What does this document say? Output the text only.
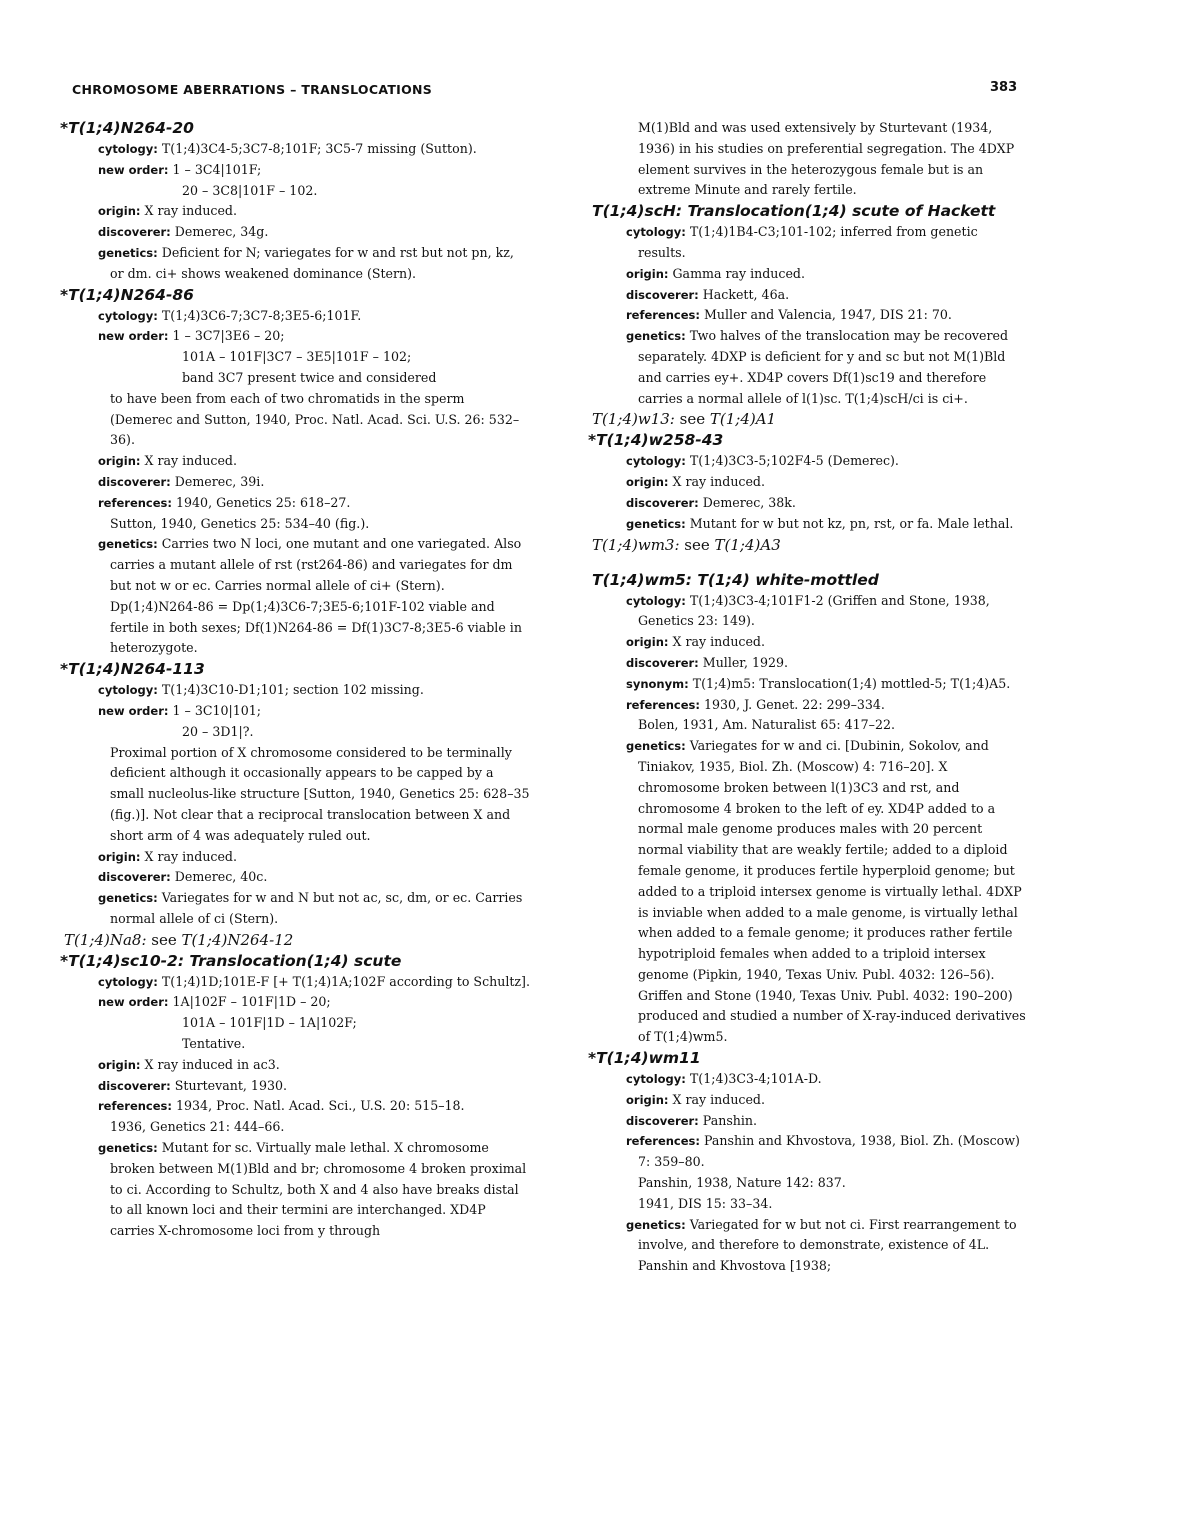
CHROMOSOME ABERRATIONS – TRANSLOCATIONS	383

*T(1;4)N264-20

cytology: T(1;4)3C4-5;3C7-8;101F; 3C5-7 missing (Sutton).

new order: 1 – 3C4|101F;

20 – 3C8|101F – 102.

origin: X ray induced.

discoverer: Demerec, 34g.

genetics: Deficient for N; variegates for w and rst but not pn, kz, or dm. ci+ shows weakened dominance (Stern).

*T(1;4)N264-86

cytology: T(1;4)3C6-7;3C7-8;3E5-6;101F.

new order: 1 – 3C7|3E6 – 20;

101A – 101F|3C7 – 3E5|101F – 102;

band 3C7 present twice and considered

to have been from each of two chromatids in the sperm (Demerec and Sutton, 1940, Proc. Natl. Acad. Sci. U.S. 26: 532–36).

origin: X ray induced.

discoverer: Demerec, 39i.

references: 1940, Genetics 25: 618–27.

Sutton, 1940, Genetics 25: 534–40 (fig.).

genetics: Carries two N loci, one mutant and one variegated. Also carries a mutant allele of rst (rst264-86) and variegates for dm but not w or ec. Carries normal allele of ci+ (Stern). Dp(1;4)N264-86 = Dp(1;4)3C6-7;3E5-6;101F-102 viable and fertile in both sexes; Df(1)N264-86 = Df(1)3C7-8;3E5-6 viable in heterozygote.

*T(1;4)N264-113

cytology: T(1;4)3C10-D1;101; section 102 missing.

new order: 1 – 3C10|101;

20 – 3D1|?.

Proximal portion of X chromosome considered to be terminally deficient although it occasionally appears to be capped by a small nucleolus-like structure [Sutton, 1940, Genetics 25: 628–35 (fig.)]. Not clear that a reciprocal translocation between X and short arm of 4 was adequately ruled out.

origin: X ray induced.

discoverer: Demerec, 40c.

genetics: Variegates for w and N but not ac, sc, dm, or ec. Carries normal allele of ci (Stern).

T(1;4)Na8: see T(1;4)N264-12

*T(1;4)sc10-2: Translocation(1;4) scute

cytology: T(1;4)1D;101E-F [+ T(1;4)1A;102F according to Schultz].

new order: 1A|102F – 101F|1D – 20;

101A – 101F|1D – 1A|102F;

Tentative.

origin: X ray induced in ac3.

discoverer: Sturtevant, 1930.

references: 1934, Proc. Natl. Acad. Sci., U.S. 20: 515–18.

1936, Genetics 21: 444–66.

genetics: Mutant for sc. Virtually male lethal. X chromosome broken between M(1)Bld and br; chromosome 4 broken proximal to ci. According to Schultz, both X and 4 also have breaks distal to all known loci and their termini are interchanged. XD4P carries X-chromosome loci from y through

M(1)Bld and was used extensively by Sturtevant (1934, 1936) in his studies on preferential segregation. The 4DXP element survives in the heterozygous female but is an extreme Minute and rarely fertile.

T(1;4)scH: Translocation(1;4) scute of Hackett

cytology: T(1;4)1B4-C3;101-102; inferred from genetic results.

origin: Gamma ray induced.

discoverer: Hackett, 46a.

references: Muller and Valencia, 1947, DIS 21: 70.

genetics: Two halves of the translocation may be recovered separately. 4DXP is deficient for y and sc but not M(1)Bld and carries ey+. XD4P covers Df(1)sc19 and therefore carries a normal allele of l(1)sc. T(1;4)scH/ci is ci+.

T(1;4)w13: see T(1;4)A1

*T(1;4)w258-43

cytology: T(1;4)3C3-5;102F4-5 (Demerec).

origin: X ray induced.

discoverer: Demerec, 38k.

genetics: Mutant for w but not kz, pn, rst, or fa. Male lethal.

T(1;4)wm3: see T(1;4)A3

T(1;4)wm5: T(1;4) white-mottled

cytology: T(1;4)3C3-4;101F1-2 (Griffen and Stone, 1938, Genetics 23: 149).

origin: X ray induced.

discoverer: Muller, 1929.

synonym: T(1;4)m5: Translocation(1;4) mottled-5; T(1;4)A5.

references: 1930, J. Genet. 22: 299–334.

Bolen, 1931, Am. Naturalist 65: 417–22.

genetics: Variegates for w and ci. [Dubinin, Sokolov, and Tiniakov, 1935, Biol. Zh. (Moscow) 4: 716–20]. X chromosome broken between l(1)3C3 and rst, and chromosome 4 broken to the left of ey. XD4P added to a normal male genome produces males with 20 percent normal viability that are weakly fertile; added to a diploid female genome, it produces fertile hyperploid genome; but added to a triploid intersex genome is virtually lethal. 4DXP is inviable when added to a male genome, is virtually lethal when added to a female genome; it produces rather fertile hypotriploid females when added to a triploid intersex genome (Pipkin, 1940, Texas Univ. Publ. 4032: 126–56). Griffen and Stone (1940, Texas Univ. Publ. 4032: 190–200) produced and studied a number of X-ray-induced derivatives of T(1;4)wm5.

*T(1;4)wm11

cytology: T(1;4)3C3-4;101A-D.

origin: X ray induced.

discoverer: Panshin.

references: Panshin and Khvostova, 1938, Biol. Zh. (Moscow) 7: 359–80.

Panshin, 1938, Nature 142: 837.

1941, DIS 15: 33–34.

genetics: Variegated for w but not ci. First rearrangement to involve, and therefore to demonstrate, existence of 4L. Panshin and Khvostova [1938;
